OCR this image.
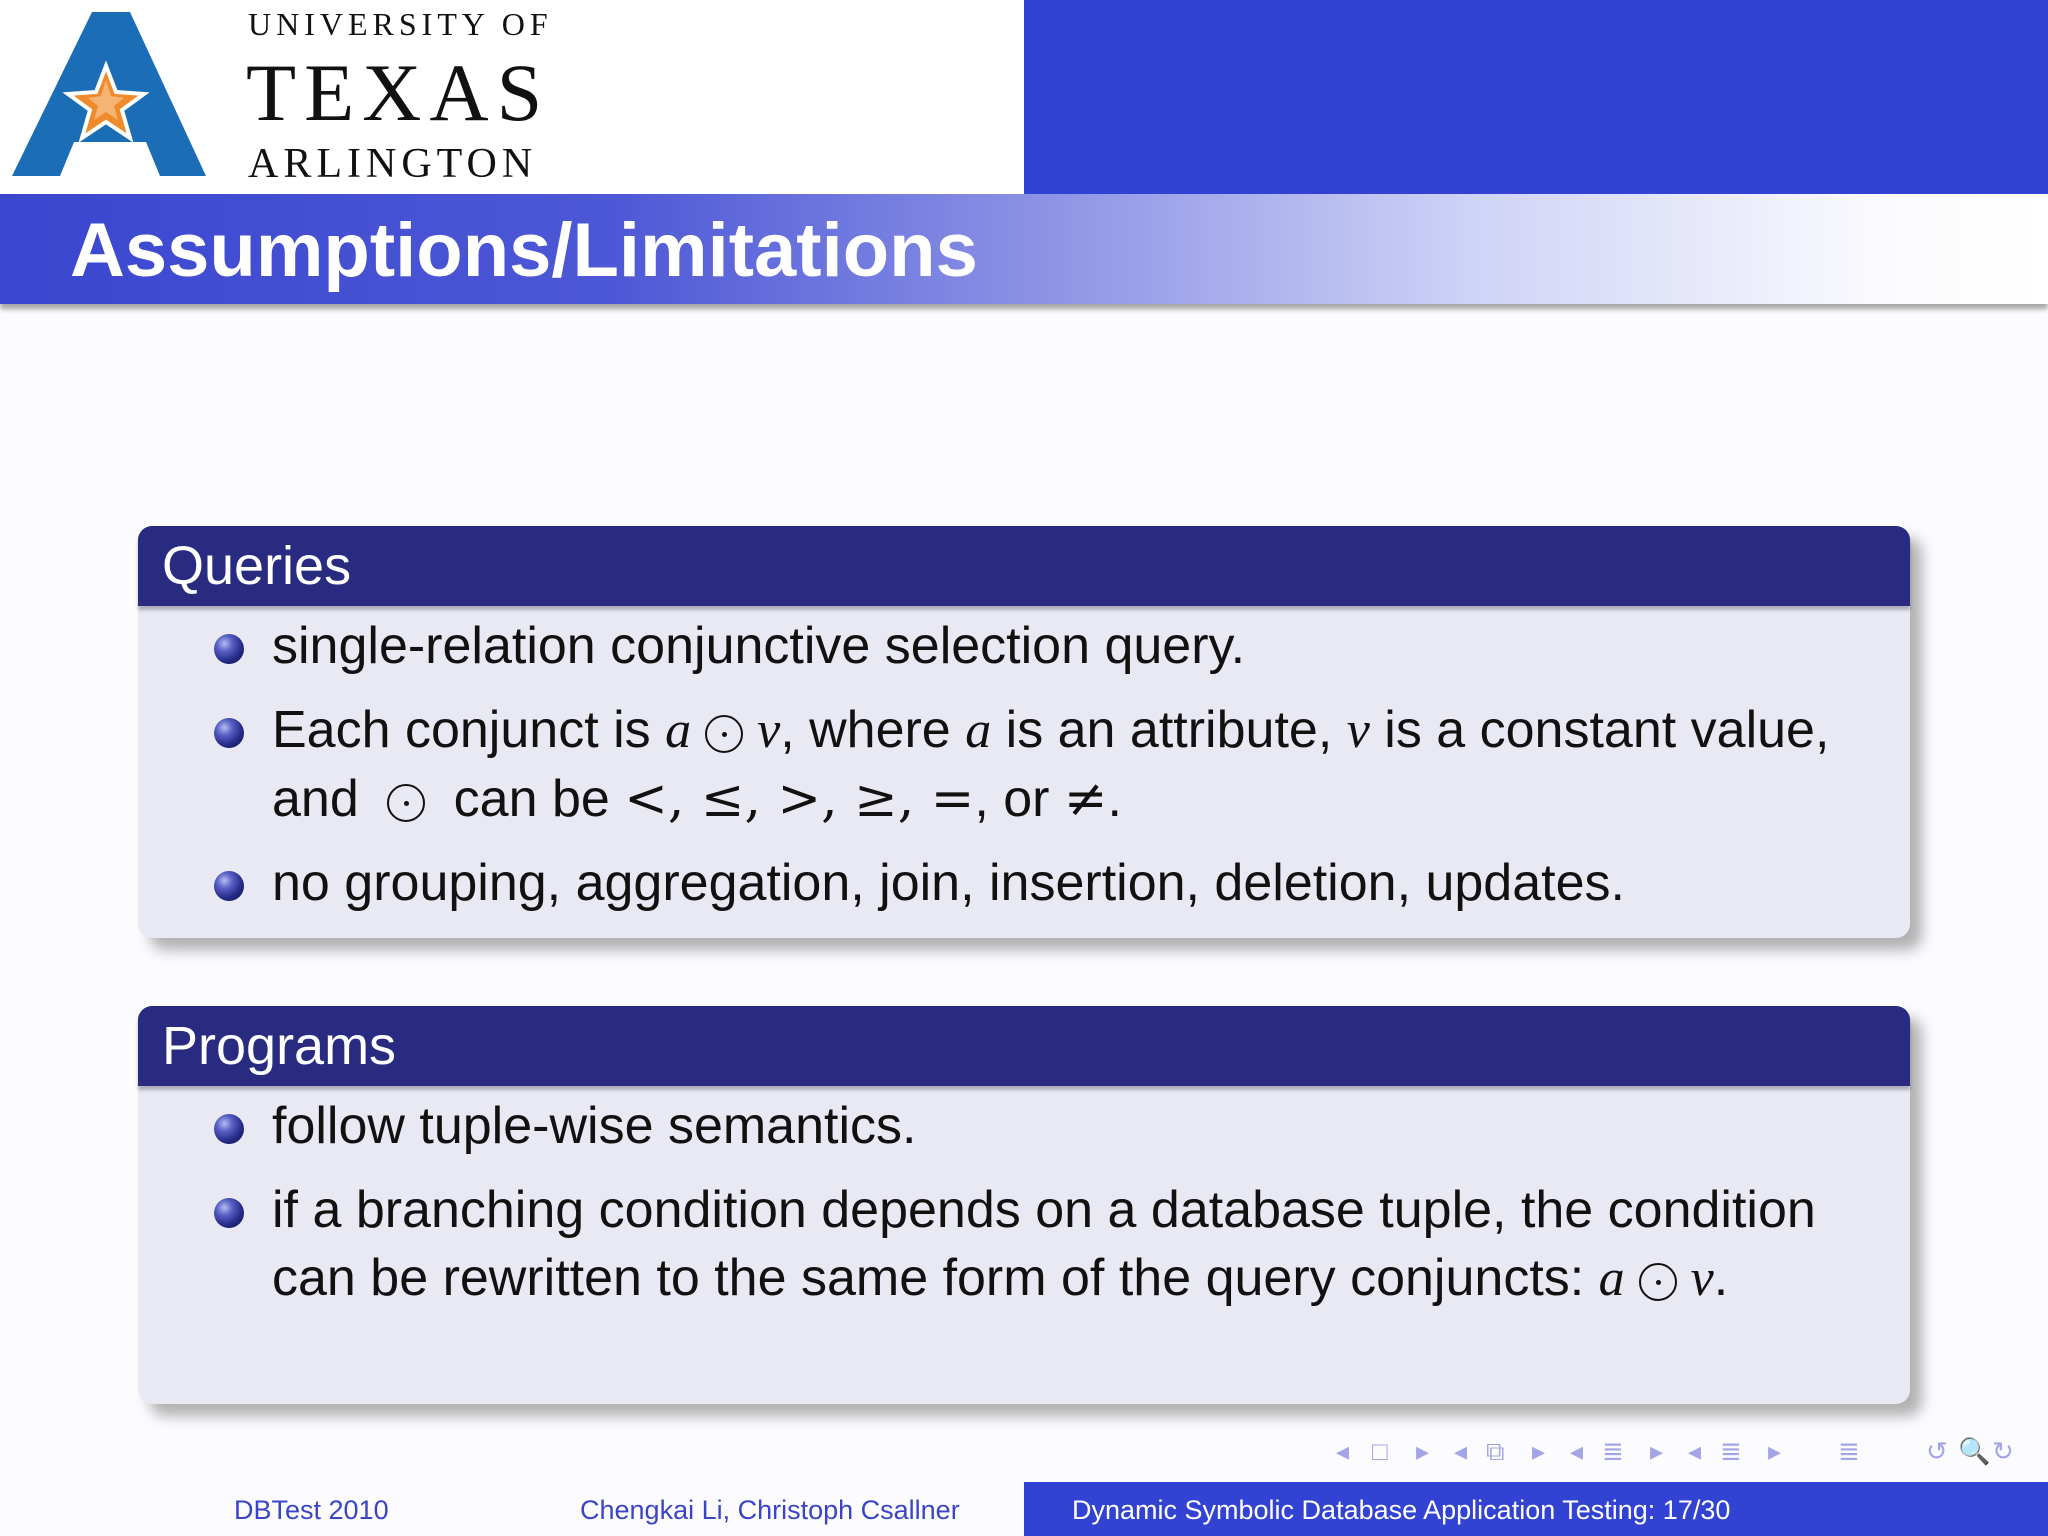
UNIVERSITY OF
TEXAS
ARLINGTON
Assumptions/Limitations
Queries
single-relation conjunctive selection query.
Each conjunct is a v, where a is an attribute, v is a constant value, and  can be <, ≤, >, ≥, =, or ≠.
no grouping, aggregation, join, insertion, deletion, updates.
Programs
follow tuple-wise semantics.
if a branching condition depends on a database tuple, the condition can be rewritten to the same form of the query conjuncts: a v.
◂ □ ▸ ◂ ⧉ ▸ ◂ ≣ ▸ ◂ ≣ ▸ ≣	↺ 🔍 ↻
DBTest 2010	Chengkai Li, Christoph Csallner	Dynamic Symbolic Database Application Testing: 17/30
